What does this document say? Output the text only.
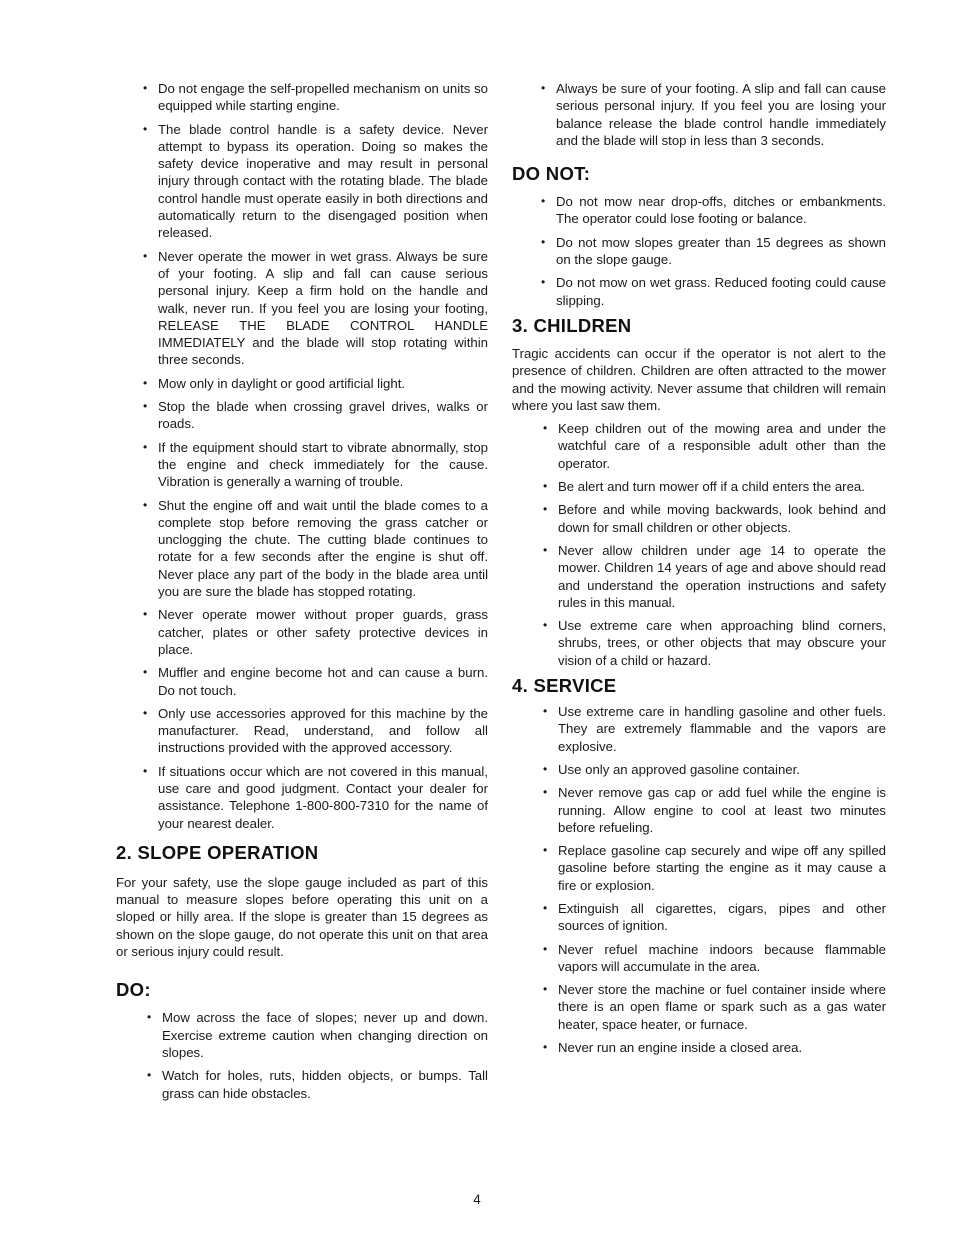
• Do not engage the self-propelled mechanism on units so equipped while starting engine.
• The blade control handle is a safety device. Never attempt to bypass its operation. Doing so makes the safety device inoperative and may result in personal injury through contact with the rotating blade. The blade control handle must operate easily in both directions and automatically return to the disengaged position when released.
• Never operate the mower in wet grass. Always be sure of your footing. A slip and fall can cause serious personal injury. Keep a firm hold on the handle and walk, never run. If you feel you are losing your footing, RELEASE THE BLADE CONTROL HANDLE IMMEDIATELY and the blade will stop rotating within three seconds.
• Mow only in daylight or good artificial light.
• Stop the blade when crossing gravel drives, walks or roads.
• If the equipment should start to vibrate abnormally, stop the engine and check immediately for the cause. Vibration is generally a warning of trouble.
• Shut the engine off and wait until the blade comes to a complete stop before removing the grass catcher or unclogging the chute. The cutting blade continues to rotate for a few seconds after the engine is shut off. Never place any part of the body in the blade area until you are sure the blade has stopped rotating.
• Never operate mower without proper guards, grass catcher, plates or other safety protective devices in place.
• Muffler and engine become hot and can cause a burn. Do not touch.
• Only use accessories approved for this machine by the manufacturer. Read, understand, and follow all instructions provided with the approved accessory.
• If situations occur which are not covered in this manual, use care and good judgment. Contact your dealer for assistance. Telephone 1-800-800-7310 for the name of your nearest dealer.
2. SLOPE OPERATION

For your safety, use the slope gauge included as part of this manual to measure slopes before operating this unit on a sloped or hilly area. If the slope is greater than 15 degrees as shown on the slope gauge, do not operate this unit on that area or serious injury could result.

DO:
• Mow across the face of slopes; never up and down. Exercise extreme caution when changing direction on slopes.
• Watch for holes, ruts, hidden objects, or bumps. Tall grass can hide obstacles.
• Always be sure of your footing. A slip and fall can cause serious personal injury. If you feel you are losing your balance release the blade control handle immediately and the blade will stop in less than 3 seconds.
DO NOT:
• Do not mow near drop-offs, ditches or embankments. The operator could lose footing or balance.
• Do not mow slopes greater than 15 degrees as shown on the slope gauge.
• Do not mow on wet grass. Reduced footing could cause slipping.
3. CHILDREN

Tragic accidents can occur if the operator is not alert to the presence of children. Children are often attracted to the mower and the mowing activity. Never assume that children will remain where you last saw them.

• Keep children out of the mowing area and under the watchful care of a responsible adult other than the operator.
• Be alert and turn mower off if a child enters the area.
• Before and while moving backwards, look behind and down for small children or other objects.
• Never allow children under age 14 to operate the mower. Children 14 years of age and above should read and understand the operation instructions and safety rules in this manual.
• Use extreme care when approaching blind corners, shrubs, trees, or other objects that may obscure your vision of a child or hazard.
4. SERVICE
• Use extreme care in handling gasoline and other fuels. They are extremely flammable and the vapors are explosive.
• Use only an approved gasoline container.
• Never remove gas cap or add fuel while the engine is running. Allow engine to cool at least two minutes before refueling.
• Replace gasoline cap securely and wipe off any spilled gasoline before starting the engine as it may cause a fire or explosion.
• Extinguish all cigarettes, cigars, pipes and other sources of ignition.
• Never refuel machine indoors because flammable vapors will accumulate in the area.
• Never store the machine or fuel container inside where there is an open flame or spark such as a gas water heater, space heater, or furnace.
• Never run an engine inside a closed area.
4
